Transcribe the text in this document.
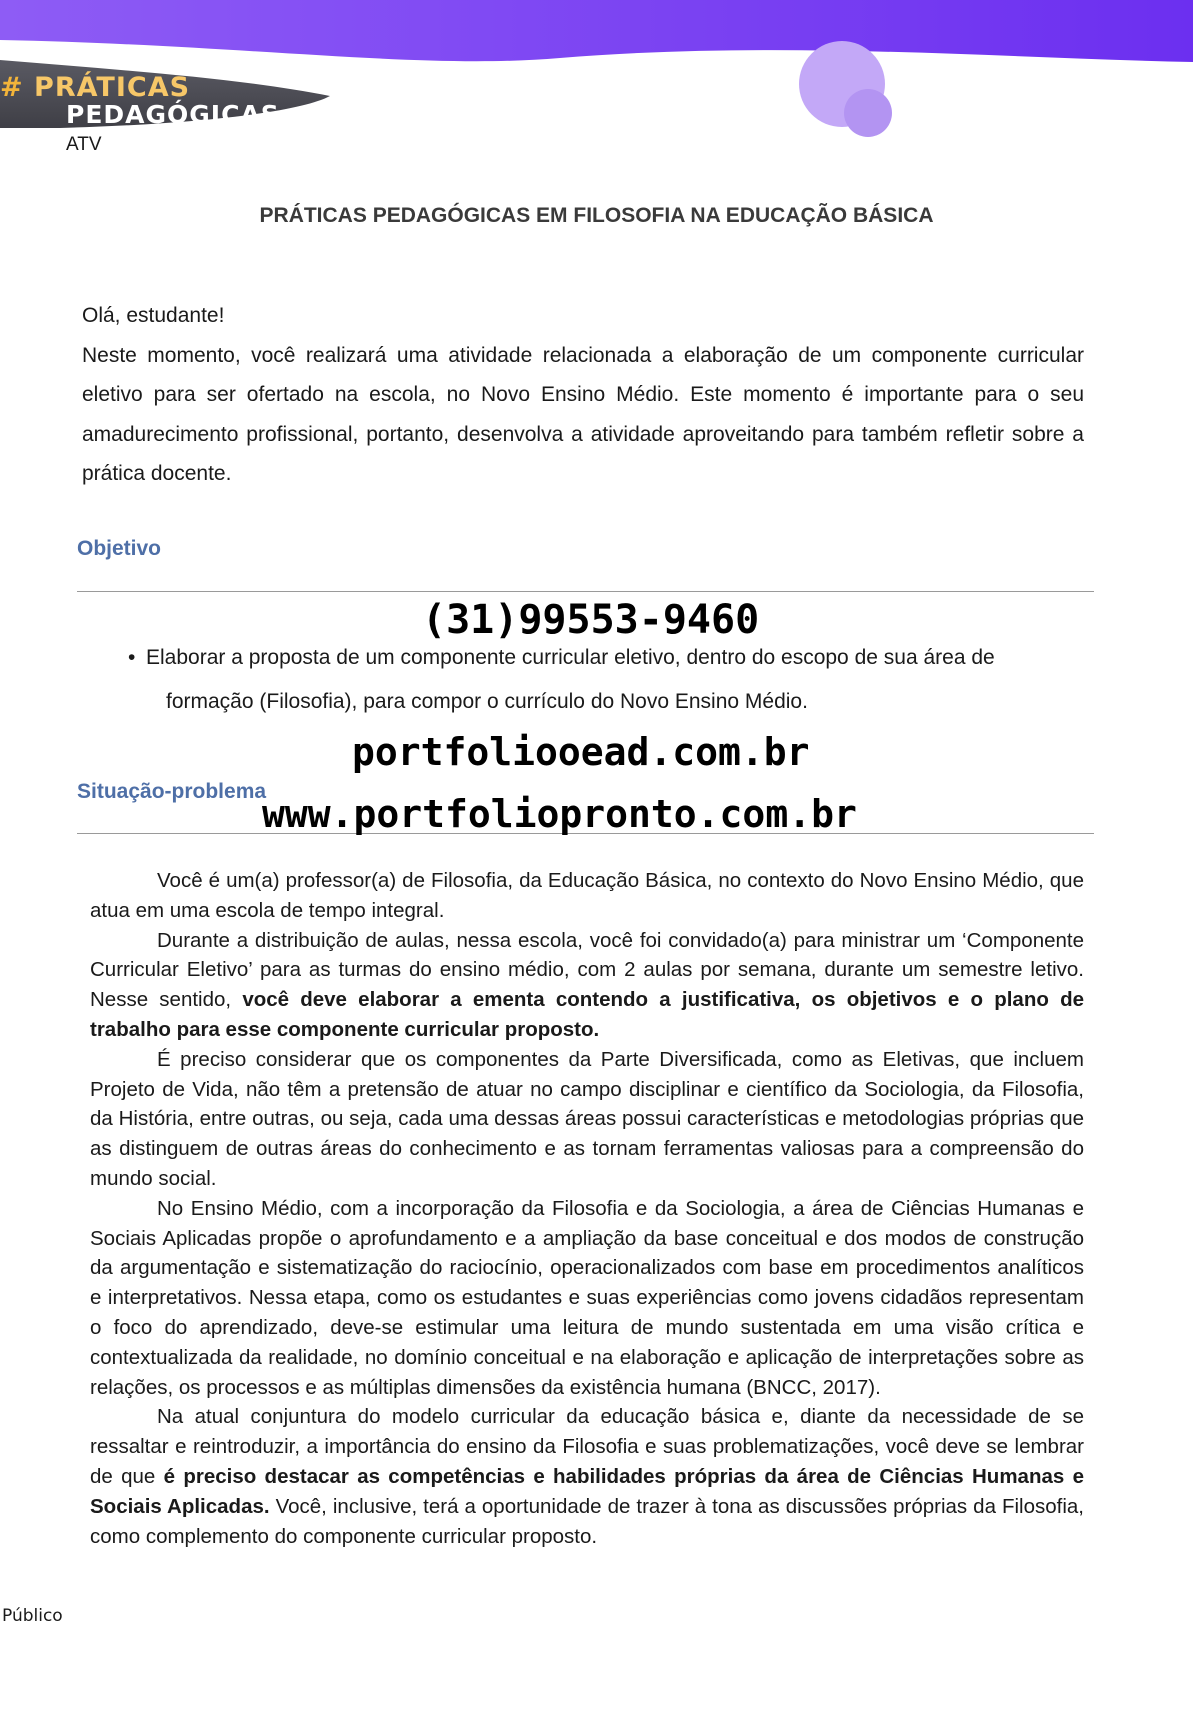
# PRÁTICAS
PEDAGÓGICAS
ATV
PRÁTICAS PEDAGÓGICAS EM FILOSOFIA NA EDUCAÇÃO BÁSICA

Olá, estudante!

Neste momento, você realizará uma atividade relacionada a elaboração de um componente curricular eletivo para ser ofertado na escola, no Novo Ensino Médio. Este momento é importante para o seu amadurecimento profissional, portanto, desenvolva a atividade aproveitando para também refletir sobre a prática docente.

Objetivo
• Elaborar a proposta de um componente curricular eletivo, dentro do escopo de sua área de
formação (Filosofia), para compor o currículo do Novo Ensino Médio.
(31)99553-9460
portfoliooead.com.br
Situação-problema
www.portfoliopronto.com.br

Você é um(a) professor(a) de Filosofia, da Educação Básica, no contexto do Novo Ensino Médio, que atua em uma escola de tempo integral.

Durante a distribuição de aulas, nessa escola, você foi convidado(a) para ministrar um ‘Componente Curricular Eletivo’ para as turmas do ensino médio, com 2 aulas por semana, durante um semestre letivo. Nesse sentido, você deve elaborar a ementa contendo a justificativa, os objetivos e o plano de trabalho para esse componente curricular proposto.

É preciso considerar que os componentes da Parte Diversificada, como as Eletivas, que incluem Projeto de Vida, não têm a pretensão de atuar no campo disciplinar e científico da Sociologia, da Filosofia, da História, entre outras, ou seja, cada uma dessas áreas possui características e metodologias próprias que as distinguem de outras áreas do conhecimento e as tornam ferramentas valiosas para a compreensão do mundo social.

No Ensino Médio, com a incorporação da Filosofia e da Sociologia, a área de Ciências Humanas e Sociais Aplicadas propõe o aprofundamento e a ampliação da base conceitual e dos modos de construção da argumentação e sistematização do raciocínio, operacionalizados com base em procedimentos analíticos e interpretativos. Nessa etapa, como os estudantes e suas experiências como jovens cidadãos representam o foco do aprendizado, deve-se estimular uma leitura de mundo sustentada em uma visão crítica e contextualizada da realidade, no domínio conceitual e na elaboração e aplicação de interpretações sobre as relações, os processos e as múltiplas dimensões da existência humana (BNCC, 2017).

Na atual conjuntura do modelo curricular da educação básica e, diante da necessidade de se ressaltar e reintroduzir, a importância do ensino da Filosofia e suas problematizações, você deve se lembrar de que é preciso destacar as competências e habilidades próprias da área de Ciências Humanas e Sociais Aplicadas. Você, inclusive, terá a oportunidade de trazer à tona as discussões próprias da Filosofia, como complemento do componente curricular proposto.

Público
